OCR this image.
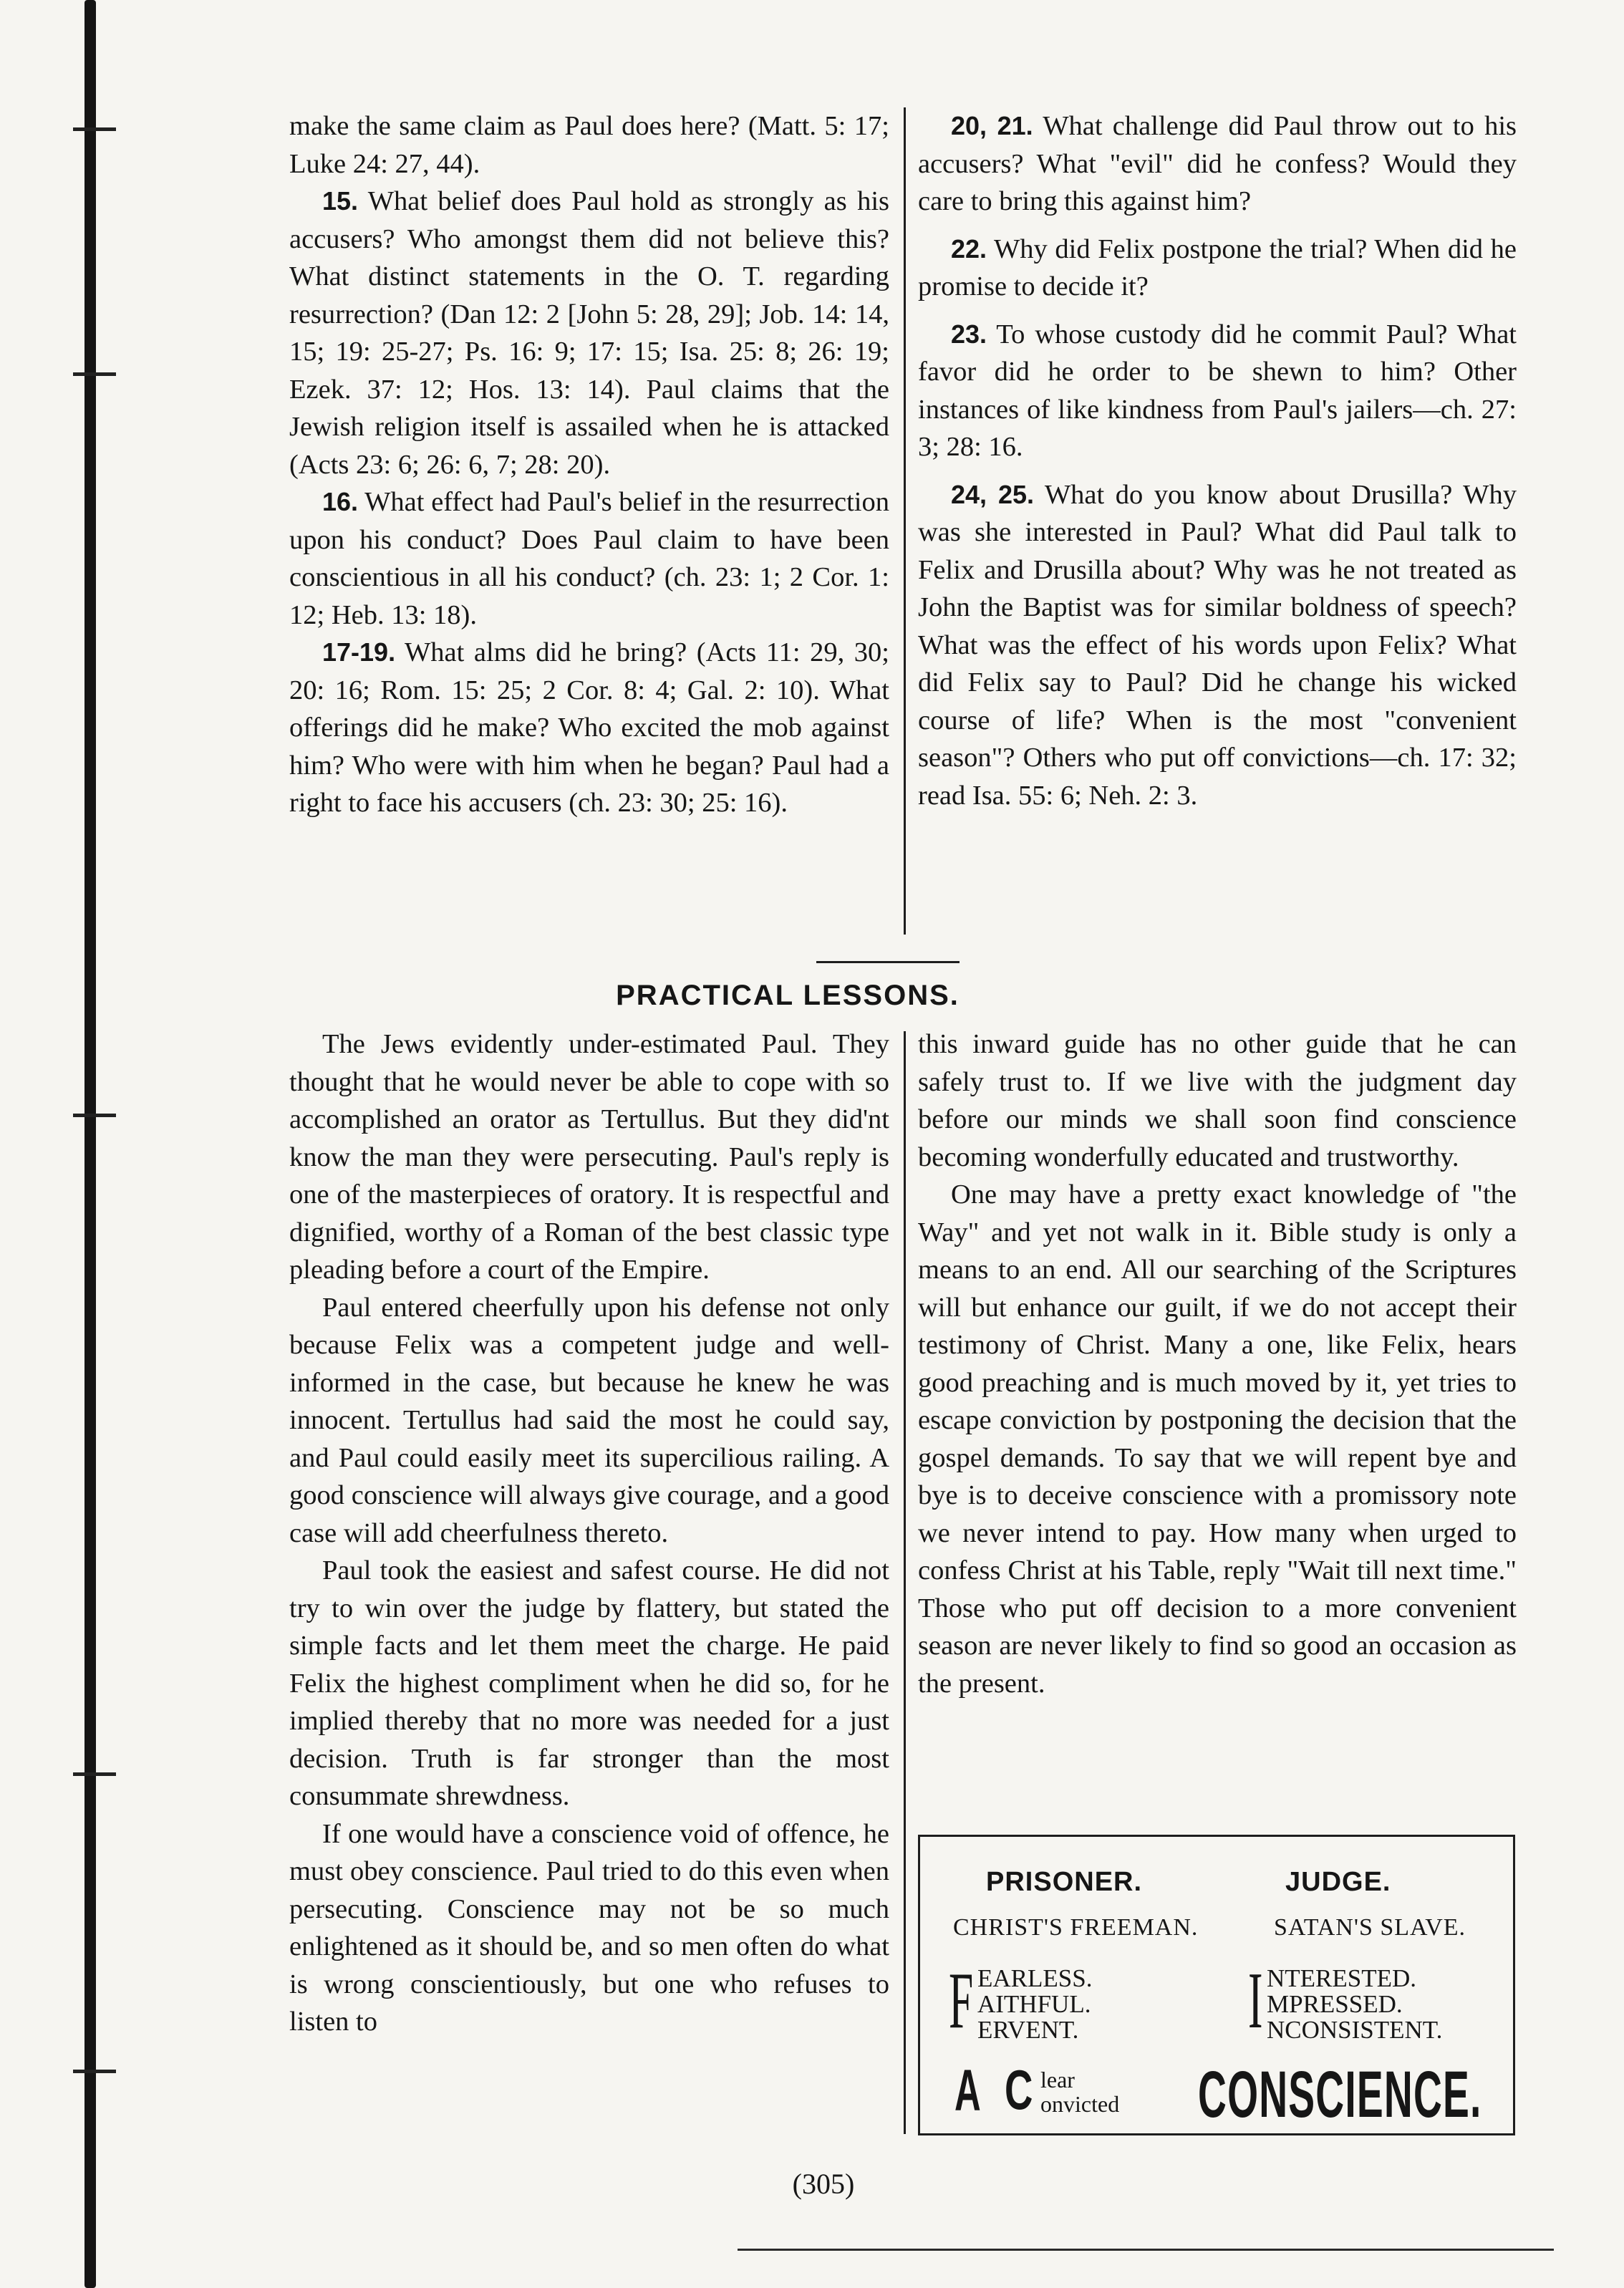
make the same claim as Paul does here? (Matt. 5: 17; Luke 24: 27, 44).

15. What belief does Paul hold as strongly as his accusers? Who amongst them did not believe this? What distinct statements in the O. T. regarding resurrection? (Dan 12: 2 [John 5: 28, 29]; Job. 14: 14, 15; 19: 25-27; Ps. 16: 9; 17: 15; Isa. 25: 8; 26: 19; Ezek. 37: 12; Hos. 13: 14). Paul claims that the Jewish religion itself is assailed when he is attacked (Acts 23: 6; 26: 6, 7; 28: 20).

16. What effect had Paul's belief in the resurrection upon his conduct? Does Paul claim to have been conscientious in all his conduct? (ch. 23: 1; 2 Cor. 1: 12; Heb. 13: 18).

17-19. What alms did he bring? (Acts 11: 29, 30; 20: 16; Rom. 15: 25; 2 Cor. 8: 4; Gal. 2: 10). What offerings did he make? Who excited the mob against him? Who were with him when he began? Paul had a right to face his accusers (ch. 23: 30; 25: 16).

20, 21. What challenge did Paul throw out to his accusers? What "evil" did he confess? Would they care to bring this against him?

22. Why did Felix postpone the trial? When did he promise to decide it?

23. To whose custody did he commit Paul? What favor did he order to be shewn to him? Other instances of like kindness from Paul's jailers—ch. 27: 3; 28: 16.

24, 25. What do you know about Drusilla? Why was she interested in Paul? What did Paul talk to Felix and Drusilla about? Why was he not treated as John the Baptist was for similar boldness of speech? What was the effect of his words upon Felix? What did Felix say to Paul? Did he change his wicked course of life? When is the most "convenient season"? Others who put off convictions—ch. 17: 32; read Isa. 55: 6; Neh. 2: 3.

PRACTICAL LESSONS.

The Jews evidently under-estimated Paul. They thought that he would never be able to cope with so accomplished an orator as Tertullus. But they did'nt know the man they were persecuting. Paul's reply is one of the masterpieces of oratory. It is respectful and dignified, worthy of a Roman of the best classic type pleading before a court of the Empire.

Paul entered cheerfully upon his defense not only because Felix was a competent judge and well-informed in the case, but because he knew he was innocent. Tertullus had said the most he could say, and Paul could easily meet its supercilious railing. A good conscience will always give courage, and a good case will add cheerfulness thereto.

Paul took the easiest and safest course. He did not try to win over the judge by flattery, but stated the simple facts and let them meet the charge. He paid Felix the highest compliment when he did so, for he implied thereby that no more was needed for a just decision. Truth is far stronger than the most consummate shrewdness.

If one would have a conscience void of offence, he must obey conscience. Paul tried to do this even when persecuting. Conscience may not be so much enlightened as it should be, and so men often do what is wrong conscientiously, but one who refuses to listen to

this inward guide has no other guide that he can safely trust to. If we live with the judgment day before our minds we shall soon find conscience becoming wonderfully educated and trustworthy.

One may have a pretty exact knowledge of "the Way" and yet not walk in it. Bible study is only a means to an end. All our searching of the Scriptures will but enhance our guilt, if we do not accept their testimony of Christ. Many a one, like Felix, hears good preaching and is much moved by it, yet tries to escape conviction by postponing the decision that the gospel demands. To say that we will repent bye and bye is to deceive conscience with a promissory note we never intend to pay. How many when urged to confess Christ at his Table, reply "Wait till next time." Those who put off decision to a more convenient season are never likely to find so good an occasion as the present.

PRISONER.	JUDGE.
CHRIST'S FREEMAN.	SATAN'S SLAVE.
F EARLESS.
AITHFUL.
ERVENT. I NTERESTED.
MPRESSED.
NCONSISTENT.
A C lear
onvicted CONSCIENCE.
(305)
